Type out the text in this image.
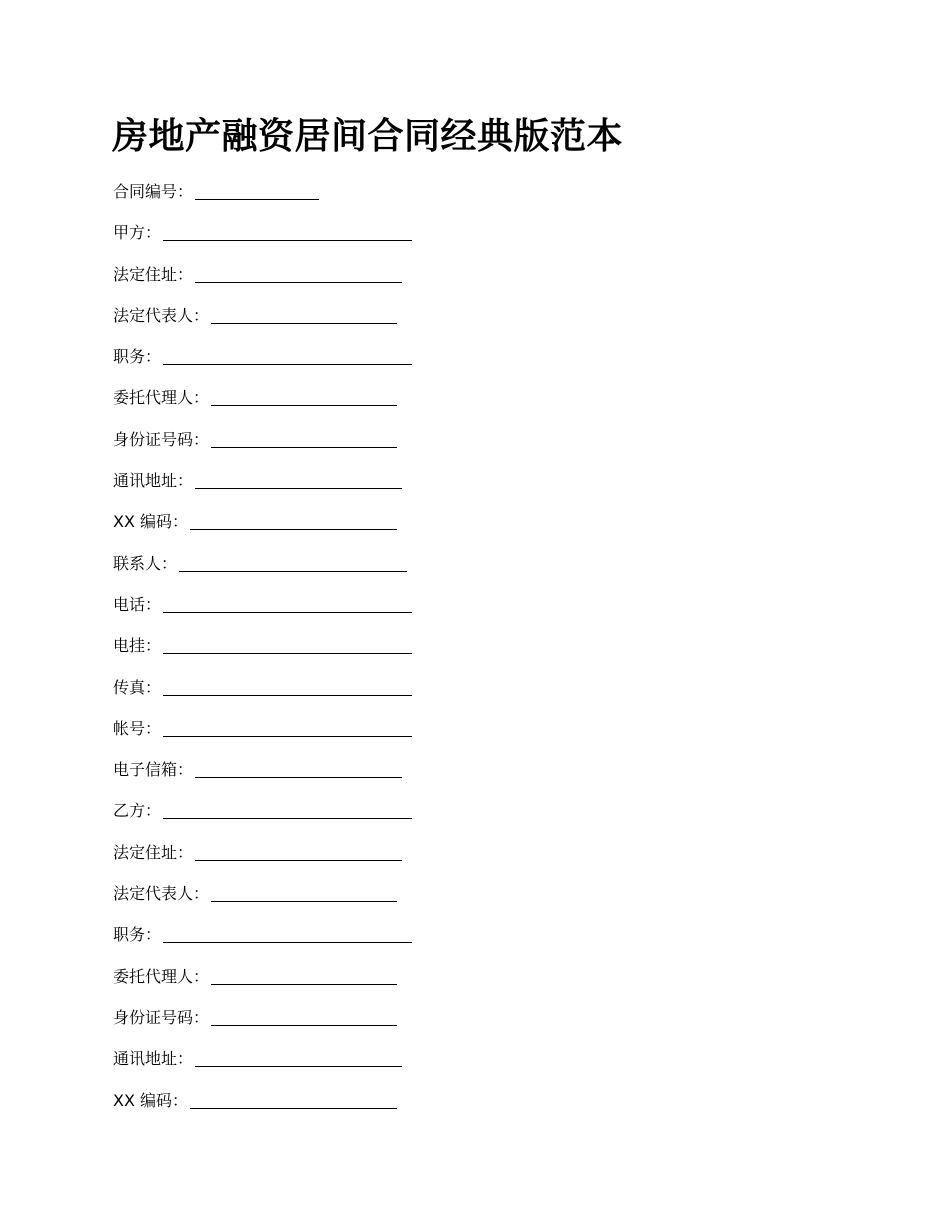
房地产融资居间合同经典版范本
合同编号：
甲方：
法定住址：
法定代表人：
职务：
委托代理人：
身份证号码：
通讯地址：
XX 编码：
联系人：
电话：
电挂：
传真：
帐号：
电子信箱：
乙方：
法定住址：
法定代表人：
职务：
委托代理人：
身份证号码：
通讯地址：
XX 编码：
